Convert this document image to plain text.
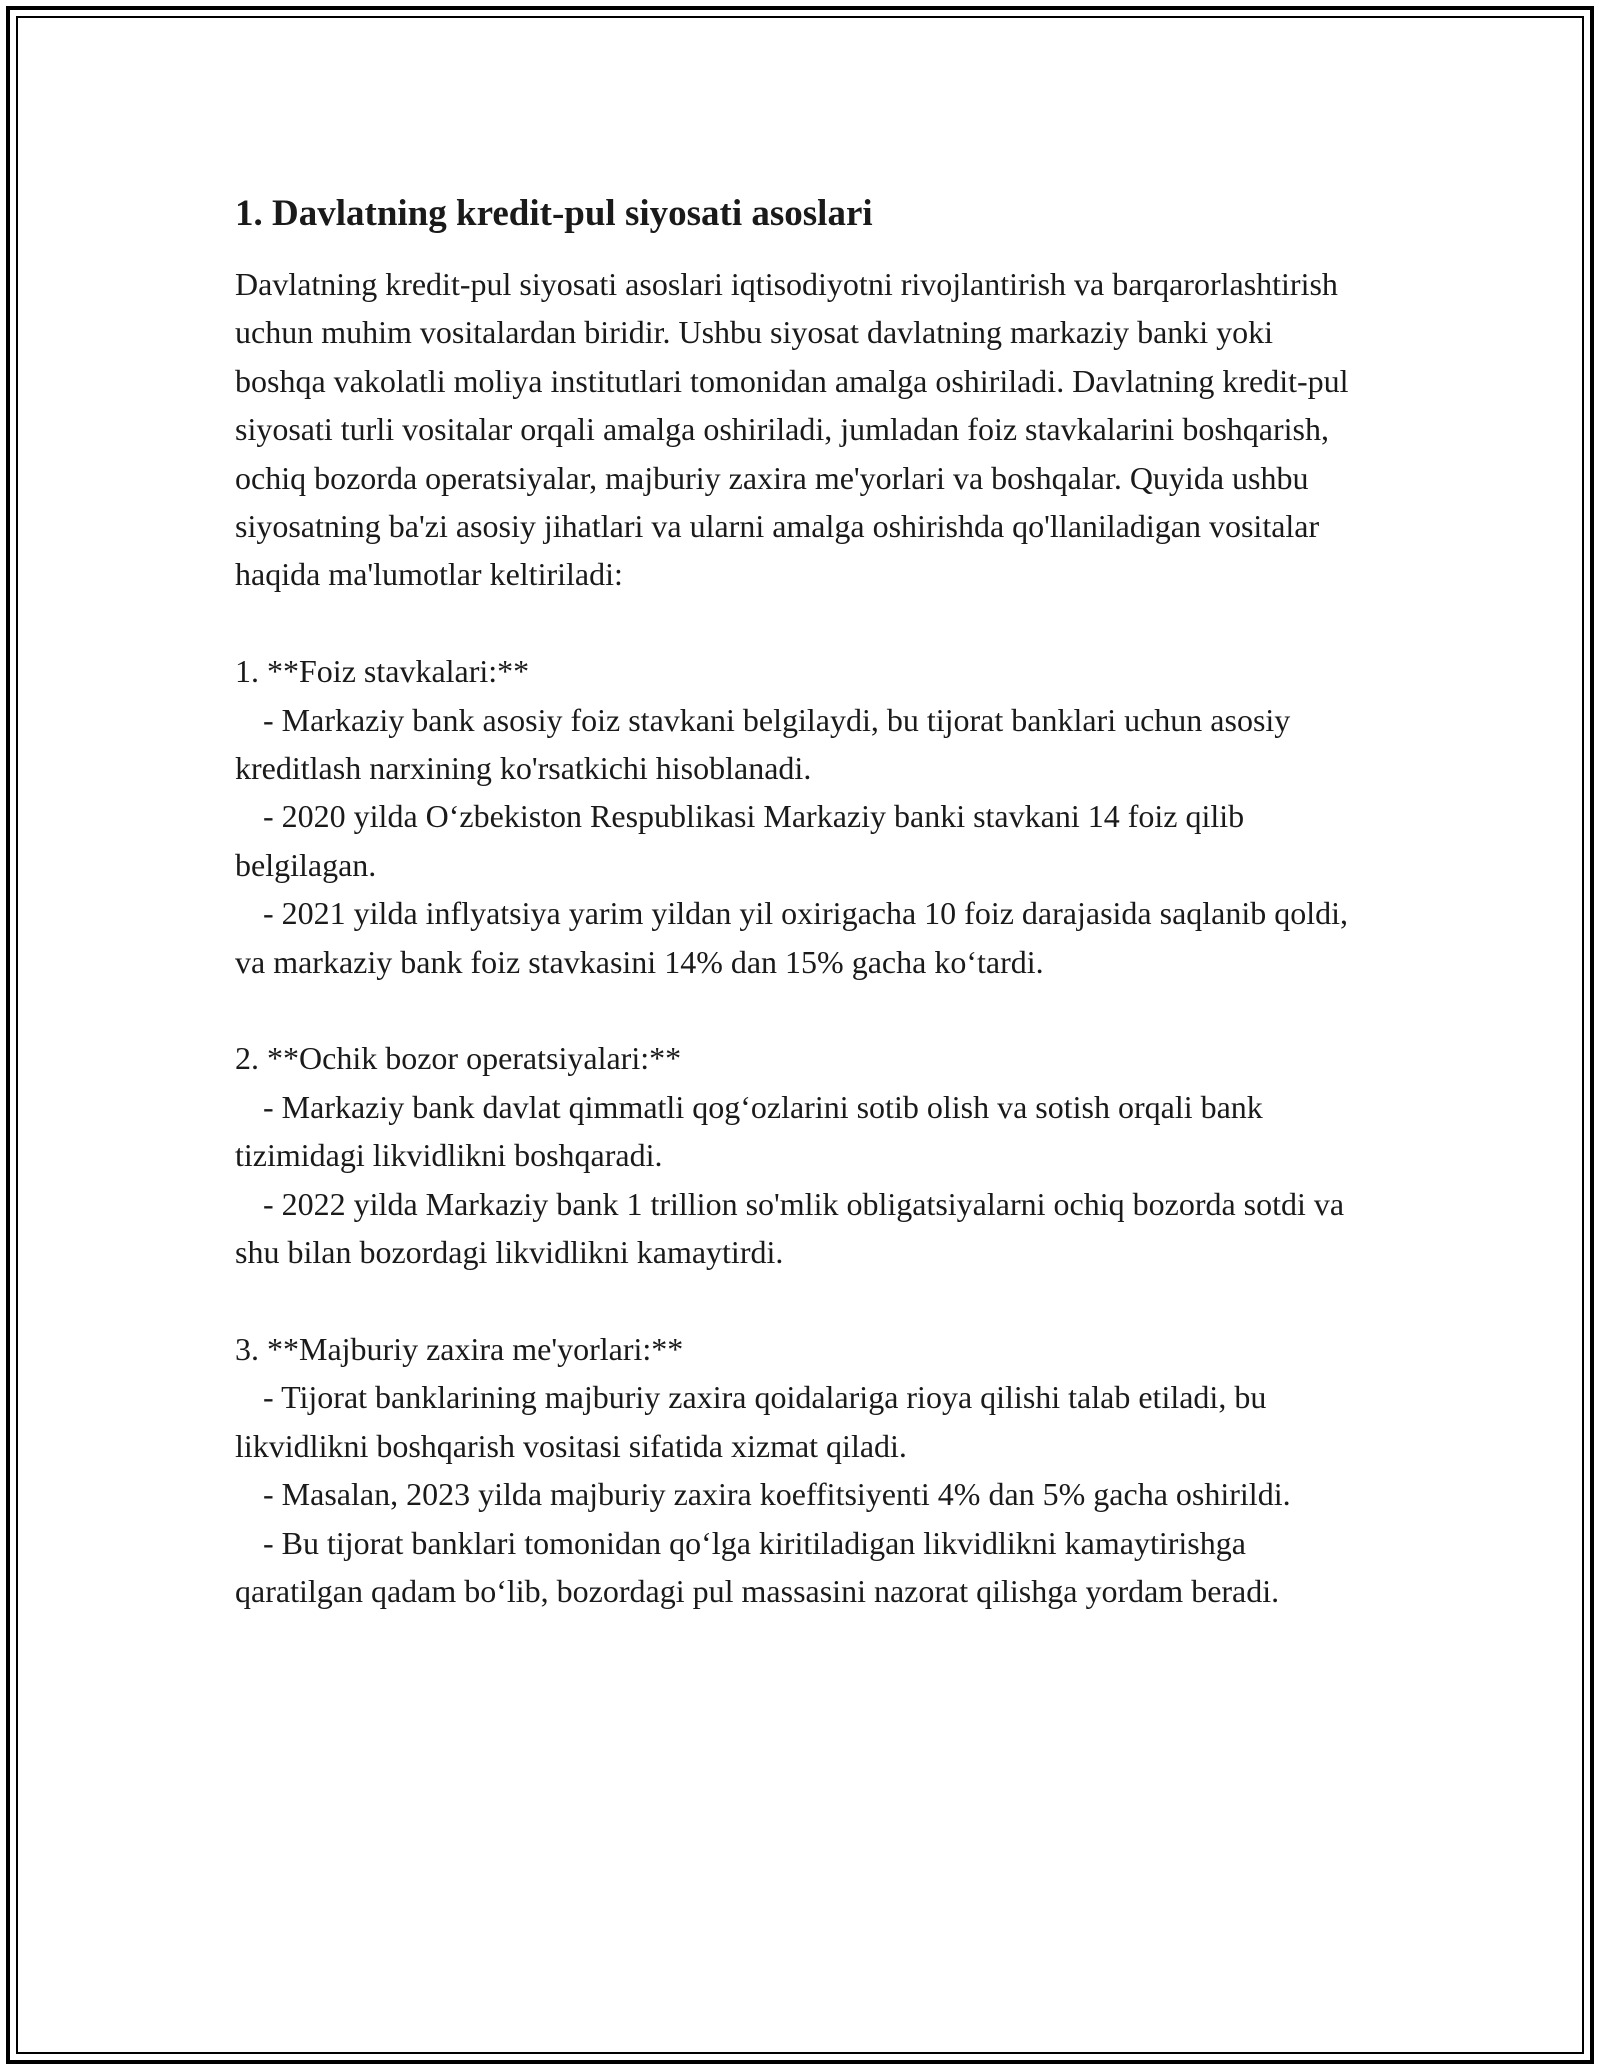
1. Davlatning kredit-pul siyosati asoslari

Davlatning kredit-pul siyosati asoslari iqtisodiyotni rivojlantirish va barqarorlashtirish uchun muhim vositalardan biridir. Ushbu siyosat davlatning markaziy banki yoki boshqa vakolatli moliya institutlari tomonidan amalga oshiriladi. Davlatning kredit-pul siyosati turli vositalar orqali amalga oshiriladi, jumladan foiz stavkalarini boshqarish, ochiq bozorda operatsiyalar, majburiy zaxira me'yorlari va boshqalar. Quyida ushbu siyosatning ba'zi asosiy jihatlari va ularni amalga oshirishda qo'llaniladigan vositalar haqida ma'lumotlar keltiriladi:

1. **Foiz stavkalari:**

- Markaziy bank asosiy foiz stavkani belgilaydi, bu tijorat banklari uchun asosiy kreditlash narxining ko'rsatkichi hisoblanadi.

- 2020 yilda O‘zbekiston Respublikasi Markaziy banki stavkani 14 foiz qilib belgilagan.

- 2021 yilda inflyatsiya yarim yildan yil oxirigacha 10 foiz darajasida saqlanib qoldi, va markaziy bank foiz stavkasini 14% dan 15% gacha ko‘tardi.

2. **Ochik bozor operatsiyalari:**

- Markaziy bank davlat qimmatli qog‘ozlarini sotib olish va sotish orqali bank tizimidagi likvidlikni boshqaradi.

- 2022 yilda Markaziy bank 1 trillion so'mlik obligatsiyalarni ochiq bozorda sotdi va shu bilan bozordagi likvidlikni kamaytirdi.

3. **Majburiy zaxira me'yorlari:**

- Tijorat banklarining majburiy zaxira qoidalariga rioya qilishi talab etiladi, bu likvidlikni boshqarish vositasi sifatida xizmat qiladi.

- Masalan, 2023 yilda majburiy zaxira koeffitsiyenti 4% dan 5% gacha oshirildi.

- Bu tijorat banklari tomonidan qo‘lga kiritiladigan likvidlikni kamaytirishga qaratilgan qadam bo‘lib, bozordagi pul massasini nazorat qilishga yordam beradi.
